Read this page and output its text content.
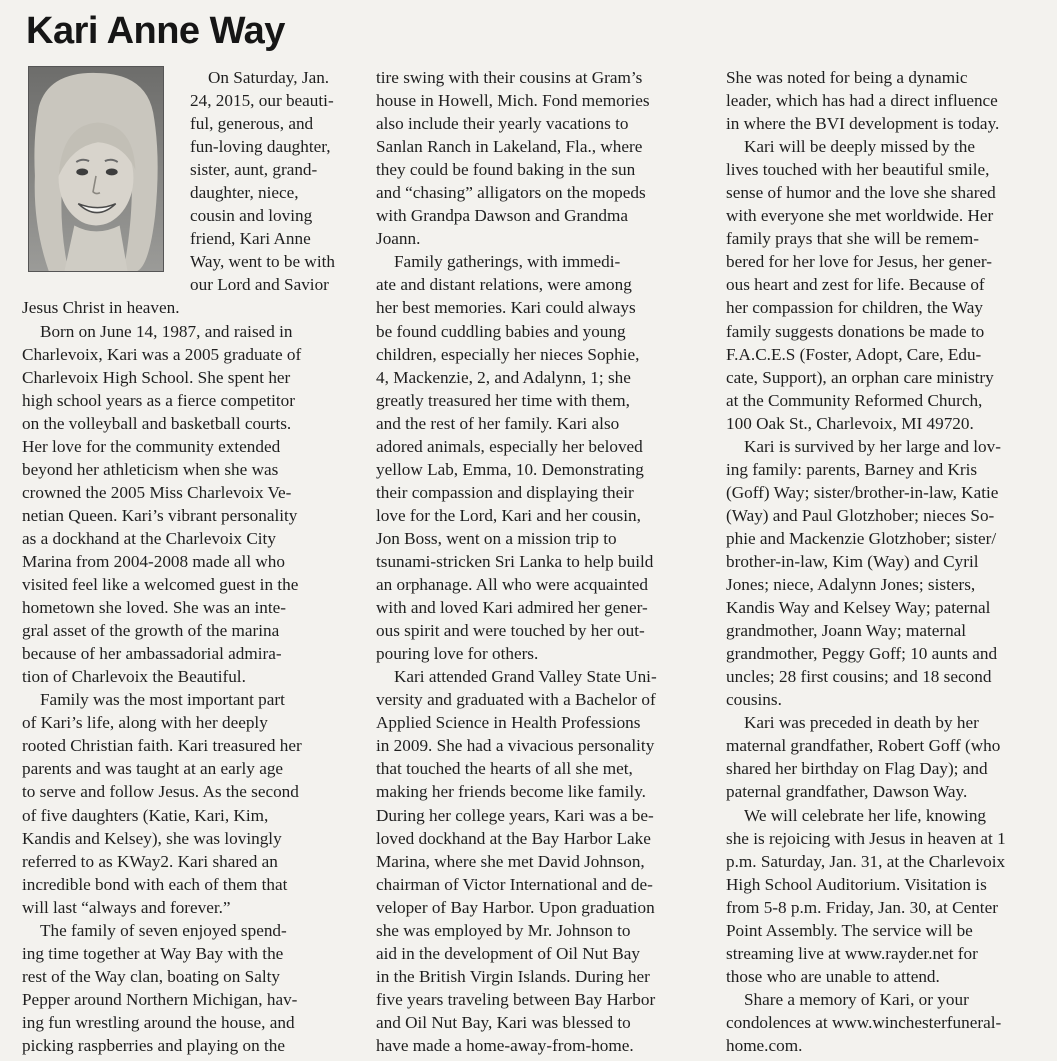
Kari Anne Way
On Saturday, Jan.
24, 2015, our beauti-
ful, generous, and
fun-loving daughter,
sister, aunt, grand-
daughter, niece,
cousin and loving
friend, Kari Anne
Way, went to be with
our Lord and Savior
Jesus Christ in heaven.
Born on June 14, 1987, and raised in
Charlevoix, Kari was a 2005 graduate of
Charlevoix High School. She spent her
high school years as a fierce competitor
on the volleyball and basketball courts.
Her love for the community extended
beyond her athleticism when she was
crowned the 2005 Miss Charlevoix Ve-
netian Queen. Kari’s vibrant personality
as a dockhand at the Charlevoix City
Marina from 2004-2008 made all who
visited feel like a welcomed guest in the
hometown she loved. She was an inte-
gral asset of the growth of the marina
because of her ambassadorial admira-
tion of Charlevoix the Beautiful.
Family was the most important part
of Kari’s life, along with her deeply
rooted Christian faith. Kari treasured her
parents and was taught at an early age
to serve and follow Jesus. As the second
of five daughters (Katie, Kari, Kim,
Kandis and Kelsey), she was lovingly
referred to as KWay2. Kari shared an
incredible bond with each of them that
will last “always and forever.”
The family of seven enjoyed spend-
ing time together at Way Bay with the
rest of the Way clan, boating on Salty
Pepper around Northern Michigan, hav-
ing fun wrestling around the house, and
picking raspberries and playing on the
tire swing with their cousins at Gram’s
house in Howell, Mich. Fond memories
also include their yearly vacations to
Sanlan Ranch in Lakeland, Fla., where
they could be found baking in the sun
and “chasing” alligators on the mopeds
with Grandpa Dawson and Grandma
Joann.
Family gatherings, with immedi-
ate and distant relations, were among
her best memories. Kari could always
be found cuddling babies and young
children, especially her nieces Sophie,
4, Mackenzie, 2, and Adalynn, 1; she
greatly treasured her time with them,
and the rest of her family. Kari also
adored animals, especially her beloved
yellow Lab, Emma, 10. Demonstrating
their compassion and displaying their
love for the Lord, Kari and her cousin,
Jon Boss, went on a mission trip to
tsunami-stricken Sri Lanka to help build
an orphanage. All who were acquainted
with and loved Kari admired her gener-
ous spirit and were touched by her out-
pouring love for others.
Kari attended Grand Valley State Uni-
versity and graduated with a Bachelor of
Applied Science in Health Professions
in 2009. She had a vivacious personality
that touched the hearts of all she met,
making her friends become like family.
During her college years, Kari was a be-
loved dockhand at the Bay Harbor Lake
Marina, where she met David Johnson,
chairman of Victor International and de-
veloper of Bay Harbor. Upon graduation
she was employed by Mr. Johnson to
aid in the development of Oil Nut Bay
in the British Virgin Islands. During her
five years traveling between Bay Harbor
and Oil Nut Bay, Kari was blessed to
have made a home-away-from-home.
She was noted for being a dynamic
leader, which has had a direct influence
in where the BVI development is today.
Kari will be deeply missed by the
lives touched with her beautiful smile,
sense of humor and the love she shared
with everyone she met worldwide. Her
family prays that she will be remem-
bered for her love for Jesus, her gener-
ous heart and zest for life. Because of
her compassion for children, the Way
family suggests donations be made to
F.A.C.E.S (Foster, Adopt, Care, Edu-
cate, Support), an orphan care ministry
at the Community Reformed Church,
100 Oak St., Charlevoix, MI 49720.
Kari is survived by her large and lov-
ing family: parents, Barney and Kris
(Goff) Way; sister/brother-in-law, Katie
(Way) and Paul Glotzhober; nieces So-
phie and Mackenzie Glotzhober; sister/
brother-in-law, Kim (Way) and Cyril
Jones; niece, Adalynn Jones; sisters,
Kandis Way and Kelsey Way; paternal
grandmother, Joann Way; maternal
grandmother, Peggy Goff; 10 aunts and
uncles; 28 first cousins; and 18 second
cousins.
Kari was preceded in death by her
maternal grandfather, Robert Goff (who
shared her birthday on Flag Day); and
paternal grandfather, Dawson Way.
We will celebrate her life, knowing
she is rejoicing with Jesus in heaven at 1
p.m. Saturday, Jan. 31, at the Charlevoix
High School Auditorium. Visitation is
from 5-8 p.m. Friday, Jan. 30, at Center
Point Assembly. The service will be
streaming live at www.rayder.net for
those who are unable to attend.
Share a memory of Kari, or your
condolences at www.winchesterfuneral-
home.com.
